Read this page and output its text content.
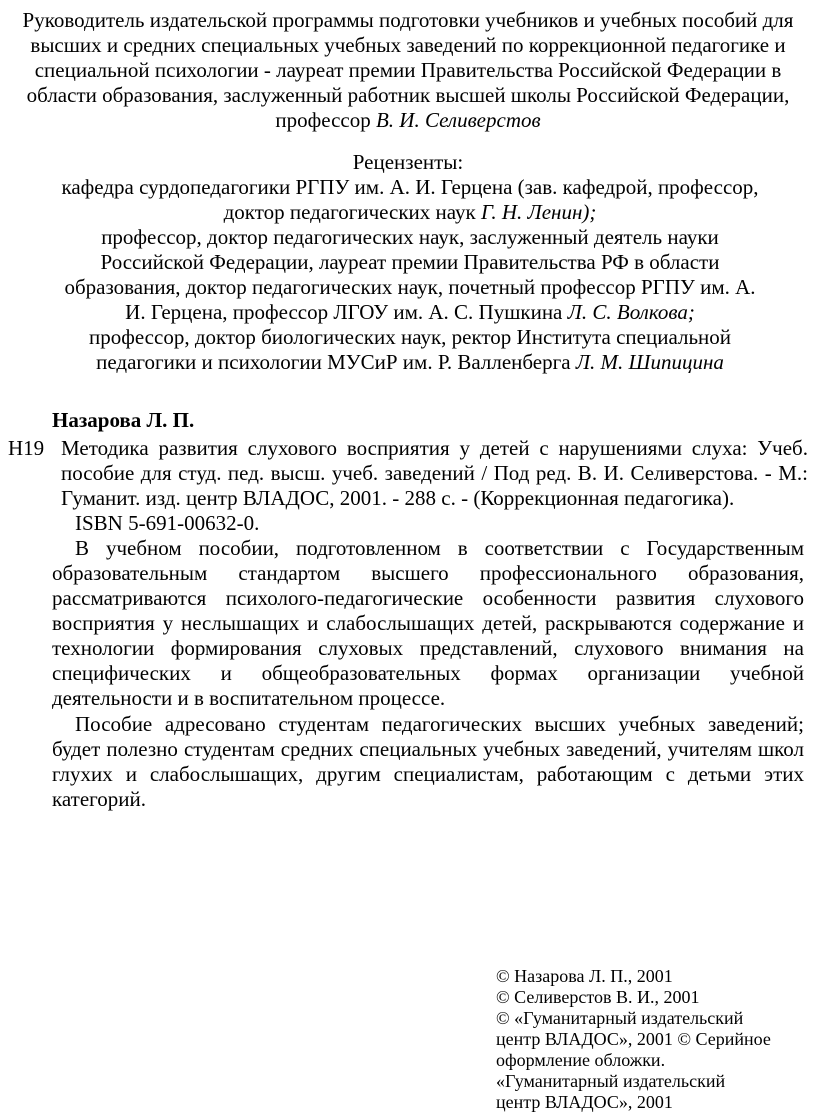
Руководитель издательской программы подготовки учебников и учебных пособий для высших и средних специальных учебных заведений по коррекционной педагогике и специальной психологии - лауреат премии Правительства Российской Федерации в области образования, заслуженный работник высшей школы Российской Федерации, профессор В. И. Селиверстов
Рецензенты:
кафедра сурдопедагогики РГПУ им. А. И. Герцена (зав. кафедрой, профессор, доктор педагогических наук Г. Н. Ленин);
профессор, доктор педагогических наук, заслуженный деятель науки Российской Федерации, лауреат премии Правительства РФ в области образования, доктор педагогических наук, почетный профессор РГПУ им. А. И. Герцена, профессор ЛГОУ им. А. С. Пушкина Л. С. Волкова;
профессор, доктор биологических наук, ректор Института специальной педагогики и психологии МУСиР им. Р. Валленберга Л. М. Шипицина
Назарова Л. П.
Н19 Методика развития слухового восприятия у детей с нарушениями слуха: Учеб. пособие для студ. пед. высш. учеб. заведений / Под ред. В. И. Селиверстова. - М.: Гуманит. изд. центр ВЛАДОС, 2001. - 288 с. - (Коррекционная педагогика).
ISBN 5-691-00632-0.
В учебном пособии, подготовленном в соответствии с Государственным образовательным стандартом высшего профессионального образования, рассматриваются психолого-педагогические особенности развития слухового восприятия у неслышащих и слабослышащих детей, раскрываются содержание и технологии формирования слуховых представлений, слухового внимания на специфических и общеобразовательных формах организации учебной деятельности и в воспитательном процессе.
Пособие адресовано студентам педагогических высших учебных заведений; будет полезно студентам средних специальных учебных заведений, учителям школ глухих и слабослышащих, другим специалистам, работающим с детьми этих категорий.
© Назарова Л. П., 2001
© Селиверстов В. И., 2001
© «Гуманитарный издательский
центр ВЛАДОС», 2001 © Серийное
оформление обложки.
«Гуманитарный издательский
центр ВЛАДОС», 2001
